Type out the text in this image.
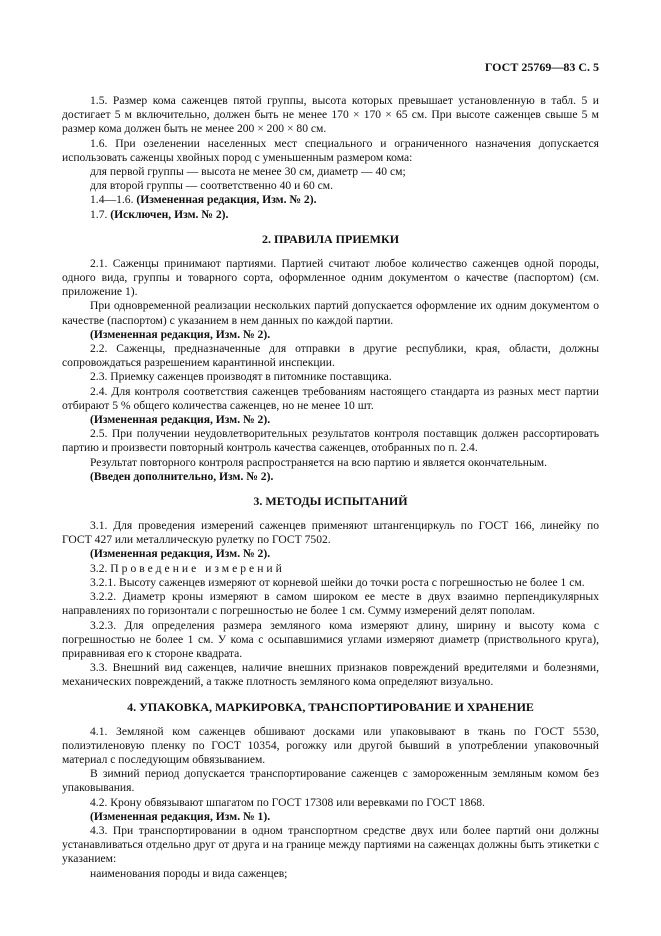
ГОСТ 25769—83 С. 5

1.5. Размер кома саженцев пятой группы, высота которых превышает установленную в табл. 5 и достигает 5 м включительно, должен быть не менее 170 × 170 × 65 см. При высоте саженцев свыше 5 м размер кома должен быть не менее 200 × 200 × 80 см.

1.6. При озеленении населенных мест специального и ограниченного назначения допускается использовать саженцы хвойных пород с уменьшенным размером кома:

для первой группы — высота не менее 30 см, диаметр — 40 см;

для второй группы — соответственно 40 и 60 см.

1.4—1.6. (Измененная редакция, Изм. № 2).

1.7. (Исключен, Изм. № 2).

2. ПРАВИЛА ПРИЕМКИ

2.1. Саженцы принимают партиями. Партией считают любое количество саженцев одной породы, одного вида, группы и товарного сорта, оформленное одним документом о качестве (паспортом) (см. приложение 1).

При одновременной реализации нескольких партий допускается оформление их одним документом о качестве (паспортом) с указанием в нем данных по каждой партии.

(Измененная редакция, Изм. № 2).

2.2. Саженцы, предназначенные для отправки в другие республики, края, области, должны сопровождаться разрешением карантинной инспекции.

2.3. Приемку саженцев производят в питомнике поставщика.

2.4. Для контроля соответствия саженцев требованиям настоящего стандарта из разных мест партии отбирают 5 % общего количества саженцев, но не менее 10 шт.

(Измененная редакция, Изм. № 2).

2.5. При получении неудовлетворительных результатов контроля поставщик должен рассортировать партию и произвести повторный контроль качества саженцев, отобранных по п. 2.4.

Результат повторного контроля распространяется на всю партию и является окончательным.

(Введен дополнительно, Изм. № 2).

3. МЕТОДЫ ИСПЫТАНИЙ

3.1. Для проведения измерений саженцев применяют штангенциркуль по ГОСТ 166, линейку по ГОСТ 427 или металлическую рулетку по ГОСТ 7502.

(Измененная редакция, Изм. № 2).

3.2. Проведение измерений

3.2.1. Высоту саженцев измеряют от корневой шейки до точки роста с погрешностью не более 1 см.

3.2.2. Диаметр кроны измеряют в самом широком ее месте в двух взаимно перпендикулярных направлениях по горизонтали с погрешностью не более 1 см. Сумму измерений делят пополам.

3.2.3. Для определения размера земляного кома измеряют длину, ширину и высоту кома с погрешностью не более 1 см. У кома с осыпавшимися углами измеряют диаметр (приствольного круга), приравнивая его к стороне квадрата.

3.3. Внешний вид саженцев, наличие внешних признаков повреждений вредителями и болезнями, механических повреждений, а также плотность земляного кома определяют визуально.

4. УПАКОВКА, МАРКИРОВКА, ТРАНСПОРТИРОВАНИЕ И ХРАНЕНИЕ

4.1. Земляной ком саженцев обшивают досками или упаковывают в ткань по ГОСТ 5530, полиэтиленовую пленку по ГОСТ 10354, рогожку или другой бывший в употреблении упаковочный материал с последующим обвязыванием.

В зимний период допускается транспортирование саженцев с замороженным земляным комом без упаковывания.

4.2. Крону обвязывают шпагатом по ГОСТ 17308 или веревками по ГОСТ 1868.

(Измененная редакция, Изм. № 1).

4.3. При транспортировании в одном транспортном средстве двух или более партий они должны устанавливаться отдельно друг от друга и на границе между партиями на саженцах должны быть этикетки с указанием:

наименования породы и вида саженцев;
